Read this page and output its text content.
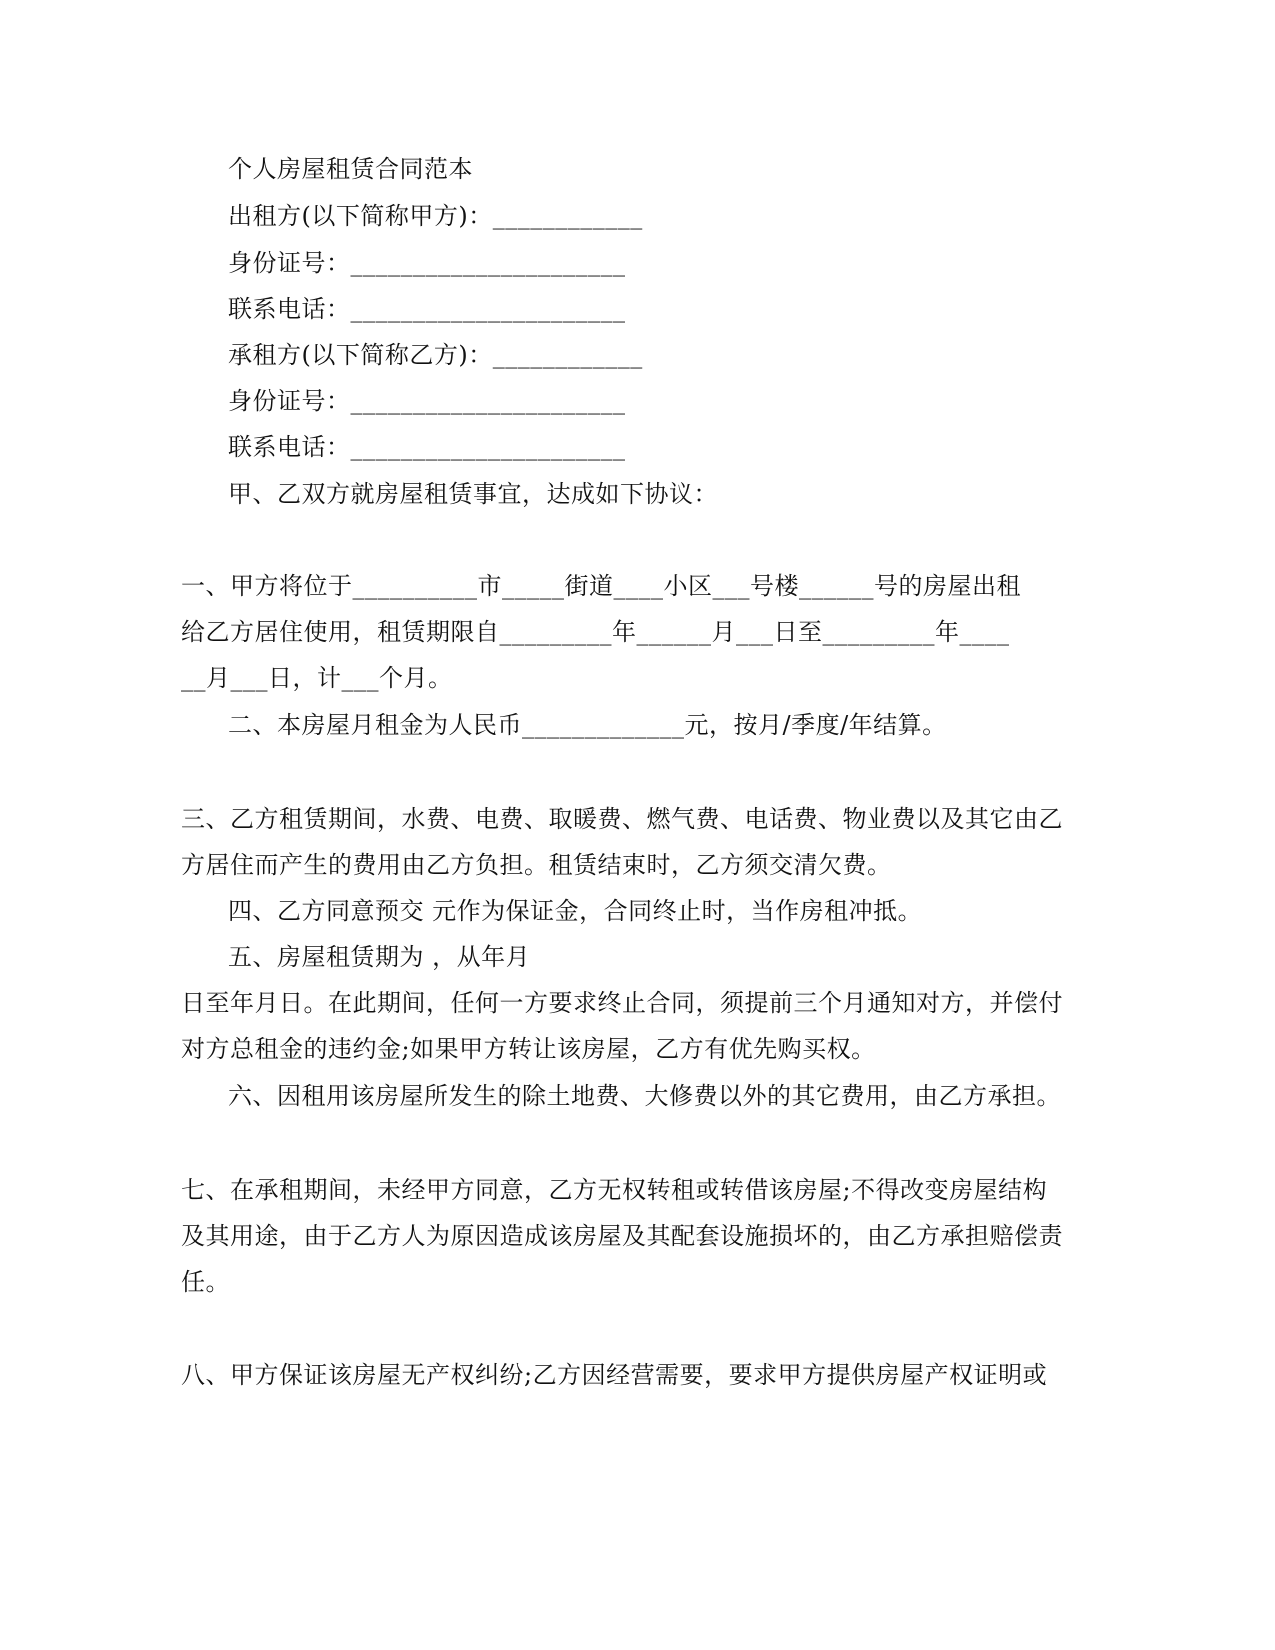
个人房屋租赁合同范本
出租方(以下简称甲方)：____________
身份证号：______________________
联系电话：______________________
承租方(以下简称乙方)：____________
身份证号：______________________
联系电话：______________________
甲、乙双方就房屋租赁事宜，达成如下协议：
一、甲方将位于__________市_____街道____小区___号楼______号的房屋出租
给乙方居住使用，租赁期限自_________年______月___日至_________年____
__月___日，计___个月。
二、本房屋月租金为人民币_____________元，按月/季度/年结算。
三、乙方租赁期间，水费、电费、取暖费、燃气费、电话费、物业费以及其它由乙
方居住而产生的费用由乙方负担。租赁结束时，乙方须交清欠费。
四、乙方同意预交 元作为保证金，合同终止时，当作房租冲抵。
五、房屋租赁期为 ，从年月
日至年月日。在此期间，任何一方要求终止合同，须提前三个月通知对方，并偿付
对方总租金的违约金;如果甲方转让该房屋，乙方有优先购买权。
六、因租用该房屋所发生的除土地费、大修费以外的其它费用，由乙方承担。
七、在承租期间，未经甲方同意，乙方无权转租或转借该房屋;不得改变房屋结构
及其用途，由于乙方人为原因造成该房屋及其配套设施损坏的，由乙方承担赔偿责
任。
八、甲方保证该房屋无产权纠纷;乙方因经营需要，要求甲方提供房屋产权证明或
